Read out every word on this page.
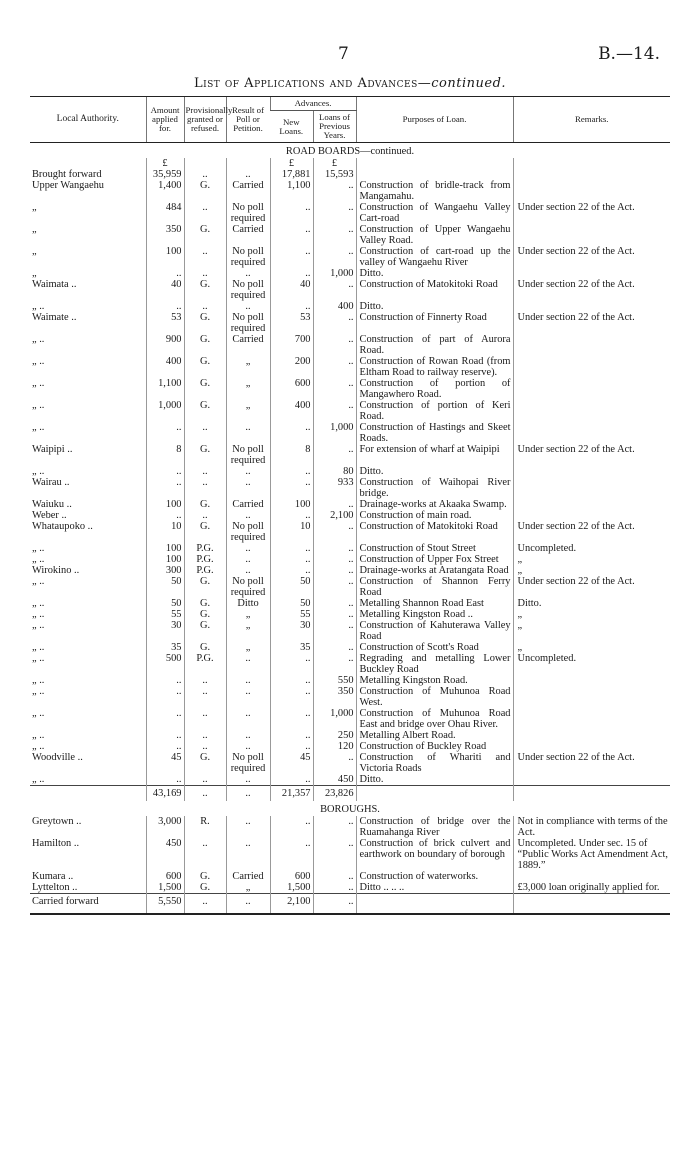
7	B.—14.
List of Applications and Advances—continued.
Local Authority.	Amount applied for.	Provisionally granted or refused.	Result of Poll or Petition.	Advances.		Purposes of Loan.	Remarks.
				New Loans.	Loans of Previous Years.		
ROAD BOARDS—continued.							
	£			£	£		
Brought forward	35,959	..	..	17,881	15,593		
Upper Wangaehu	1,400	G.	Carried	1,100	..	Construction of bridle-track from Mangamahu.	
„	484	..	No poll required	..	..	Construction of Wangaehu Valley Cart-road	Under section 22 of the Act.
„	350	G.	Carried	..	..	Construction of Upper Wangaehu Valley Road.	
„	100	..	No poll required	..	..	Construction of cart-road up the valley of Wangaehu River	Under section 22 of the Act.
„	..	..	..	..	1,000	Ditto.	
Waimata ..	40	G.	No poll required	40	..	Construction of Matokitoki Road	Under section 22 of the Act.
„ ..	..	..	..	..	400	Ditto.	
Waimate ..	53	G.	No poll required	53	..	Construction of Finnerty Road	Under section 22 of the Act.
„ ..	900	G.	Carried	700	..	Construction of part of Aurora Road.	
„ ..	400	G.	„	200	..	Construction of Rowan Road (from Eltham Road to railway reserve).	
„ ..	1,100	G.	„	600	..	Construction of portion of Mangawhero Road.	
„ ..	1,000	G.	„	400	..	Construction of portion of Keri Road.	
„ ..	..	..	..	..	1,000	Construction of Hastings and Skeet Roads.	
Waipipi ..	8	G.	No poll required	8	..	For extension of wharf at Waipipi	Under section 22 of the Act.
„ ..	..	..	..	..	80	Ditto.	
Wairau ..	..	..	..	..	933	Construction of Waihopai River bridge.	
Waiuku ..	100	G.	Carried	100	..	Drainage-works at Akaaka Swamp.	
Weber ..	..	..	..	..	2,100	Construction of main road.	
Whataupoko ..	10	G.	No poll required	10	..	Construction of Matokitoki Road	Under section 22 of the Act.
„ ..	100	P.G.	..	..	..	Construction of Stout Street	Uncompleted.
„ ..	100	P.G.	..	..	..	Construction of Upper Fox Street	„
Wirokino ..	300	P.G.	..	..	..	Drainage-works at Aratangata Road	„
„ ..	50	G.	No poll required	50	..	Construction of Shannon Ferry Road	Under section 22 of the Act.
„ ..	50	G.	Ditto	50	..	Metalling Shannon Road East	Ditto.
„ ..	55	G.	„	55	..	Metalling Kingston Road ..	„
„ ..	30	G.	„	30	..	Construction of Kahuterawa Valley Road	„
„ ..	35	G.	„	35	..	Construction of Scott's Road	„
„ ..	500	P.G.	..	..	..	Regrading and metalling Lower Buckley Road	Uncompleted.
„ ..	..	..	..	..	550	Metalling Kingston Road.	
„ ..	..	..	..	..	350	Construction of Muhunoa Road West.	
„ ..	..	..	..	..	1,000	Construction of Muhunoa Road East and bridge over Ohau River.	
„ ..	..	..	..	..	250	Metalling Albert Road.	
„ ..	..	..	..	..	120	Construction of Buckley Road	
Woodville ..	45	G.	No poll required	45	..	Construction of Whariti and Victoria Roads	Under section 22 of the Act.
„ ..	..	..	..	..	450	Ditto.	
	43,169	..	..	21,357	23,826		
BOROUGHS.							
Greytown ..	3,000	R.	..	..	..	Construction of bridge over the Ruamahanga River	Not in compliance with terms of the Act.
Hamilton ..	450	..	..	..	..	Construction of brick culvert and earthwork on boundary of borough	Uncompleted. Under sec. 15 of “Public Works Act Amendment Act, 1889.”
Kumara ..	600	G.	Carried	600	..	Construction of waterworks.	
Lyttelton ..	1,500	G.	„	1,500	..	Ditto .. .. ..	£3,000 loan originally applied for.
Carried forward	5,550	..	..	2,100	..		
